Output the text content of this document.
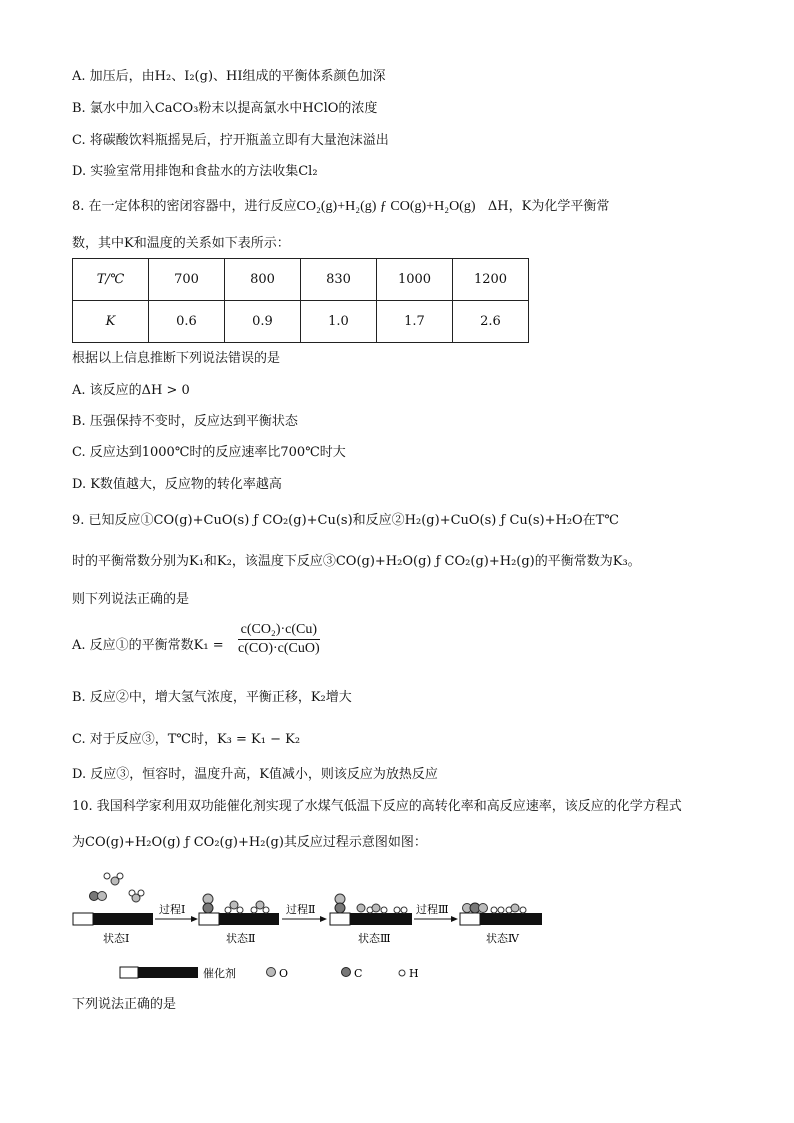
A. 加压后，由H₂、I₂(g)、HI组成的平衡体系颜色加深
B. 氯水中加入CaCO₃粉末以提高氯水中HClO的浓度
C. 将碳酸饮料瓶摇晃后，拧开瓶盖立即有大量泡沫溢出
D. 实验室常用排饱和食盐水的方法收集Cl₂
8. 在一定体积的密闭容器中，进行反应CO₂(g)+H₂(g) ƒ CO(g)+H₂O(g) ΔH，K为化学平衡常
数，其中K和温度的关系如下表所示：
T/℃	700	800	830	1000	1200
K	0.6	0.9	1.0	1.7	2.6
根据以上信息推断下列说法错误的是
A. 该反应的ΔH > 0
B. 压强保持不变时，反应达到平衡状态
C. 反应达到1000℃时的反应速率比700℃时大
D. K数值越大，反应物的转化率越高
9. 已知反应①CO(g)+CuO(s) ƒ CO₂(g)+Cu(s)和反应②H₂(g)+CuO(s) ƒ Cu(s)+H₂O在T℃
时的平衡常数分别为K₁和K₂，该温度下反应③CO(g)+H₂O(g) ƒ CO₂(g)+H₂(g)的平衡常数为K₃。
则下列说法正确的是
A. 反应①的平衡常数K₁ =
c(CO₂)·c(Cu)
c(CO)·c(CuO)
B. 反应②中，增大氢气浓度，平衡正移，K₂增大
C. 对于反应③，T℃时，K₃ = K₁ − K₂
D. 反应③，恒容时，温度升高，K值减小，则该反应为放热反应
10. 我国科学家利用双功能催化剂实现了水煤气低温下反应的高转化率和高反应速率，该反应的化学方程式
为CO(g)+H₂O(g) ƒ CO₂(g)+H₂(g)其反应过程示意图如图：
状态Ⅰ
过程Ⅰ
状态Ⅱ
过程Ⅱ
状态Ⅲ
过程Ⅲ
状态Ⅳ
催化剂	O	C	H
下列说法正确的是
